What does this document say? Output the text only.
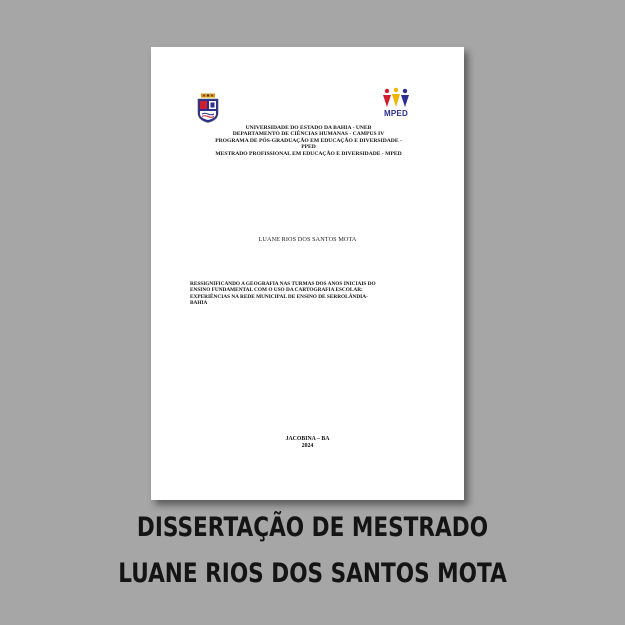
MPED
UNIVERSIDADE DO ESTADO DA BAHIA - UNEB
DEPARTAMENTO DE CIÊNCIAS HUMANAS - CAMPUS IV
PROGRAMA DE PÓS-GRADUAÇÃO EM EDUCAÇÃO E DIVERSIDADE -
PPED
MESTRADO PROFISSIONAL EM EDUCAÇÃO E DIVERSIDADE - MPED
LUANE RIOS DOS SANTOS MOTA
RESSIGNIFICANDO A GEOGRAFIA NAS TURMAS DOS ANOS INICIAIS DO
ENSINO FUNDAMENTAL COM O USO DA CARTOGRAFIA ESCOLAR:
EXPERIÊNCIAS NA REDE MUNICIPAL DE ENSINO DE SERROLÂNDIA-
BAHIA
JACOBINA – BA
2024
DISSERTAÇÃO DE MESTRADO
LUANE RIOS DOS SANTOS MOTA
